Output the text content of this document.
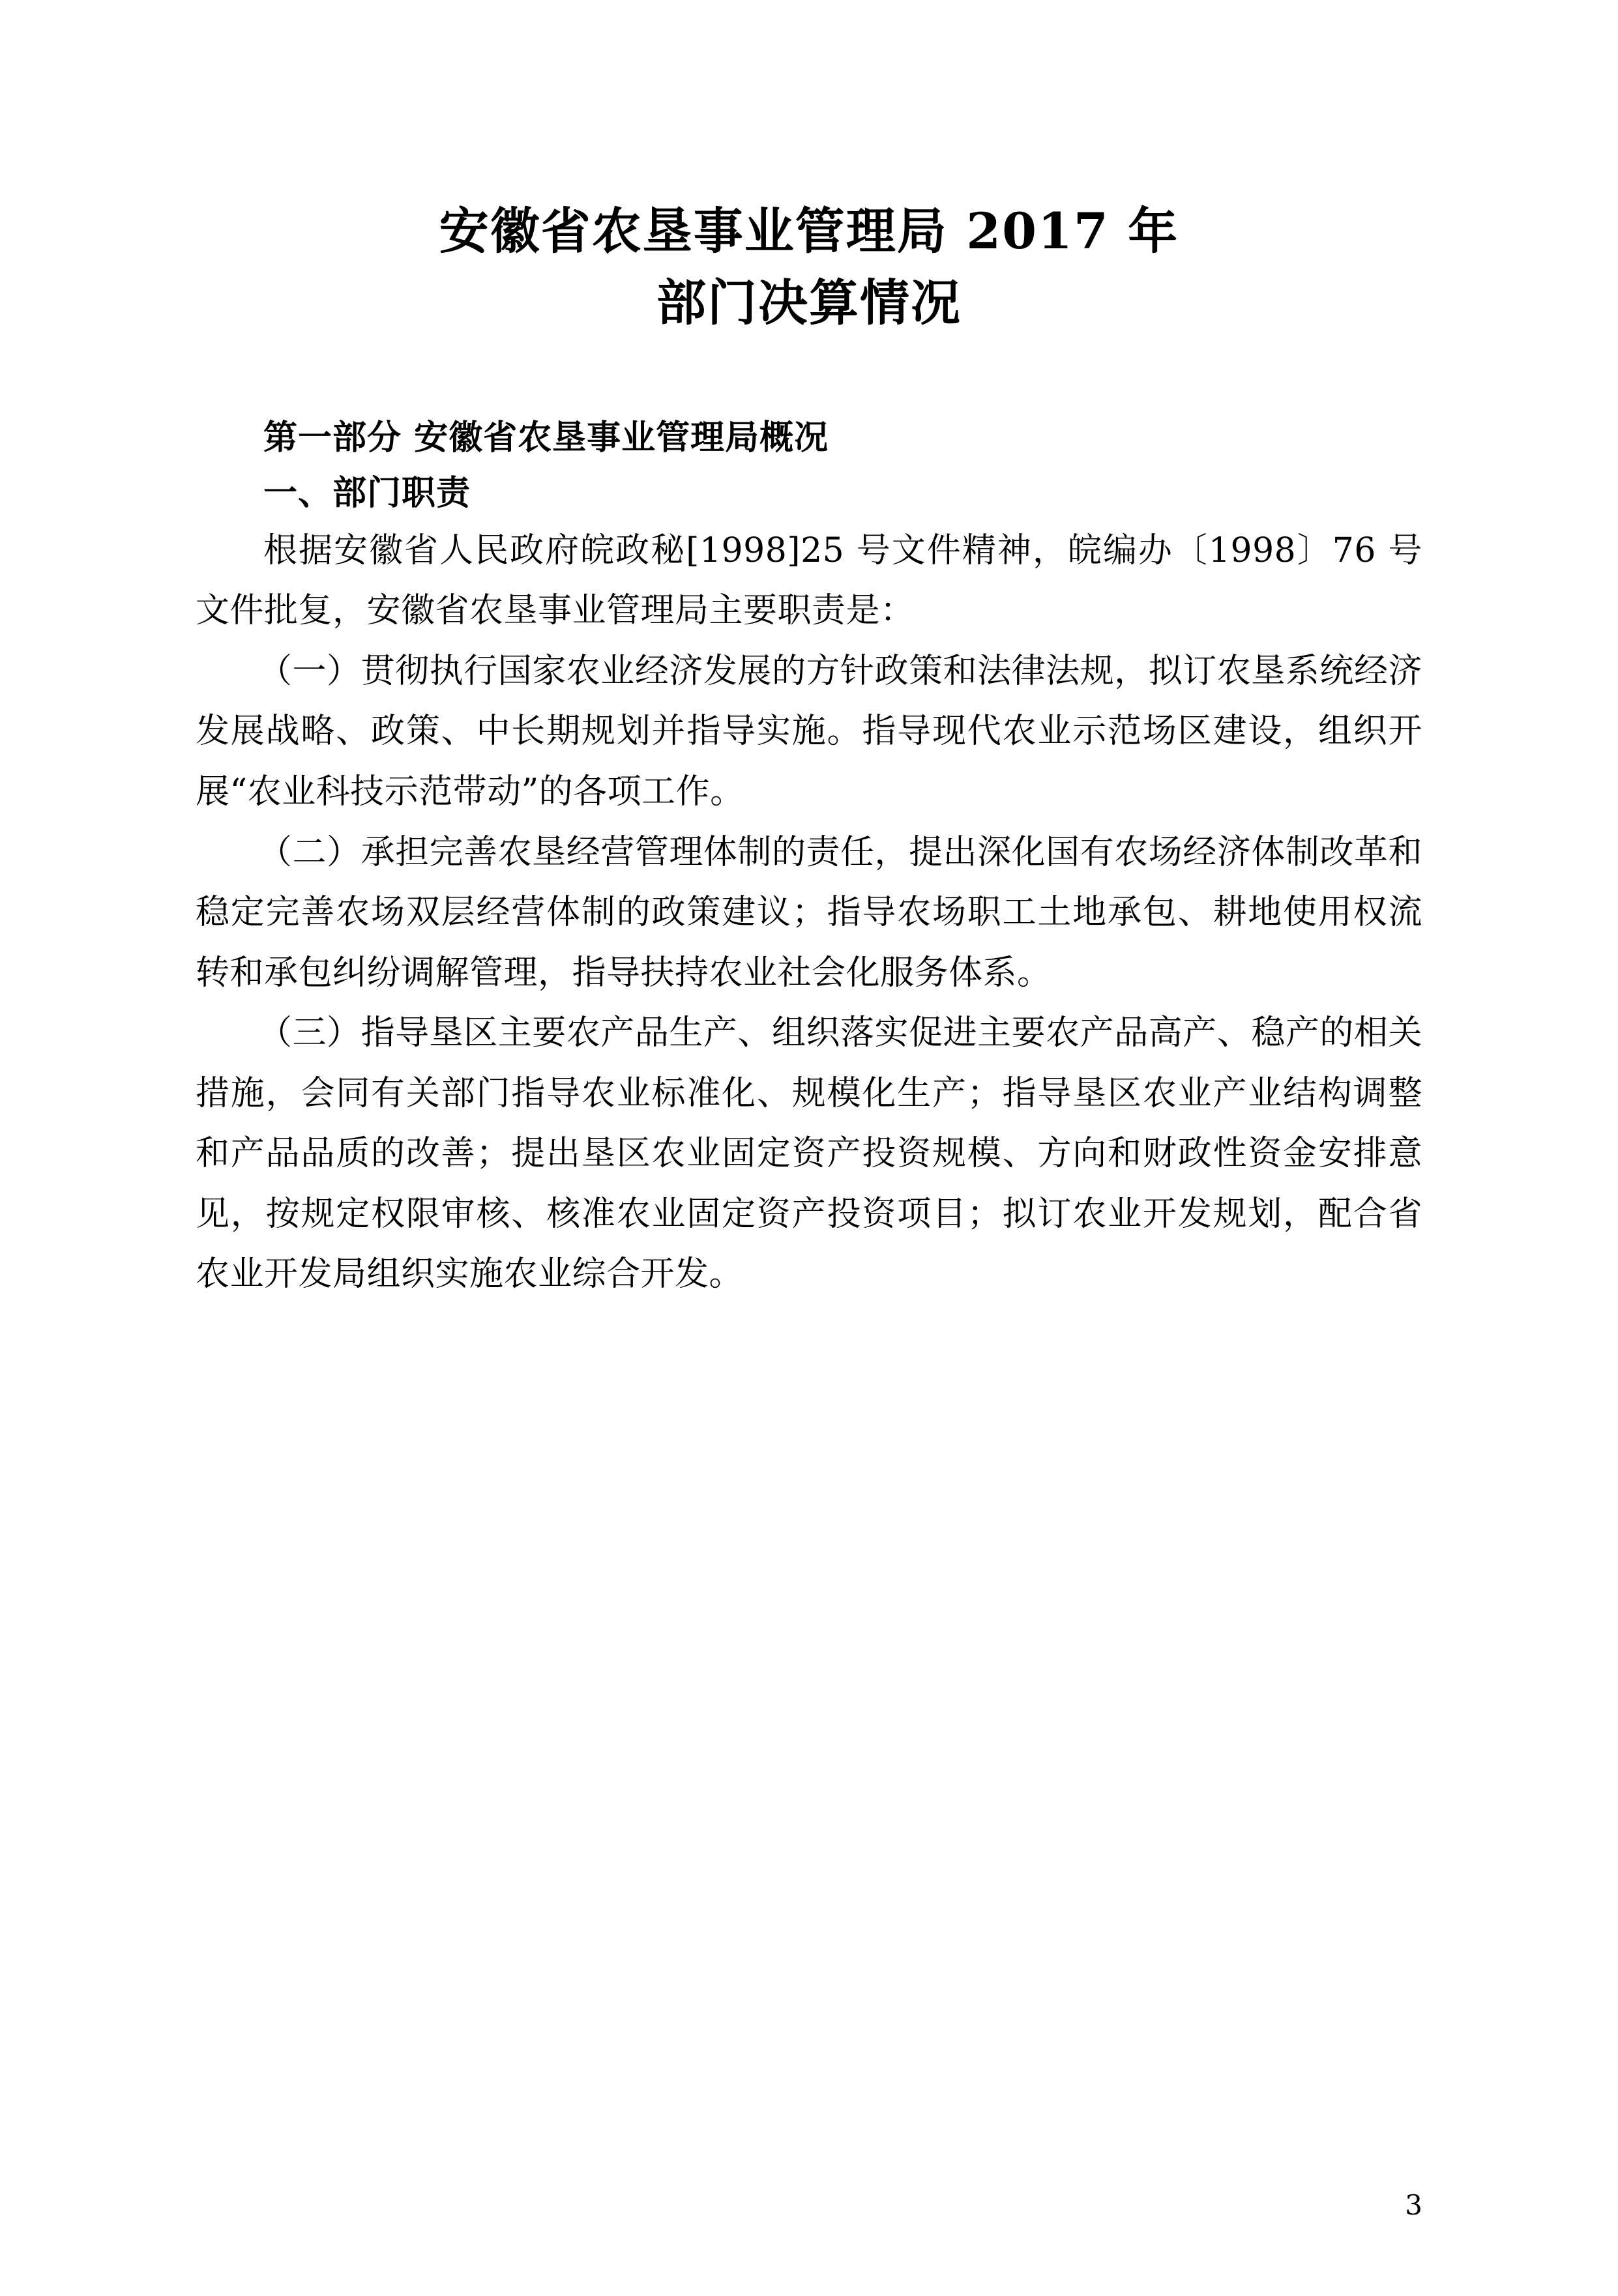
安徽省农垦事业管理局 2017 年
部门决算情况
第一部分 安徽省农垦事业管理局概况
一、部门职责

根据安徽省人民政府皖政秘[1998]25 号文件精神，皖编办〔1998〕76 号文件批复，安徽省农垦事业管理局主要职责是：

（一）贯彻执行国家农业经济发展的方针政策和法律法规，拟订农垦系统经济发展战略、政策、中长期规划并指导实施。指导现代农业示范场区建设，组织开展“农业科技示范带动”的各项工作。

（二）承担完善农垦经营管理体制的责任，提出深化国有农场经济体制改革和稳定完善农场双层经营体制的政策建议；指导农场职工土地承包、耕地使用权流转和承包纠纷调解管理，指导扶持农业社会化服务体系。

（三）指导垦区主要农产品生产、组织落实促进主要农产品高产、稳产的相关措施，会同有关部门指导农业标准化、规模化生产；指导垦区农业产业结构调整和产品品质的改善；提出垦区农业固定资产投资规模、方向和财政性资金安排意见，按规定权限审核、核准农业固定资产投资项目；拟订农业开发规划，配合省农业开发局组织实施农业综合开发。

3
